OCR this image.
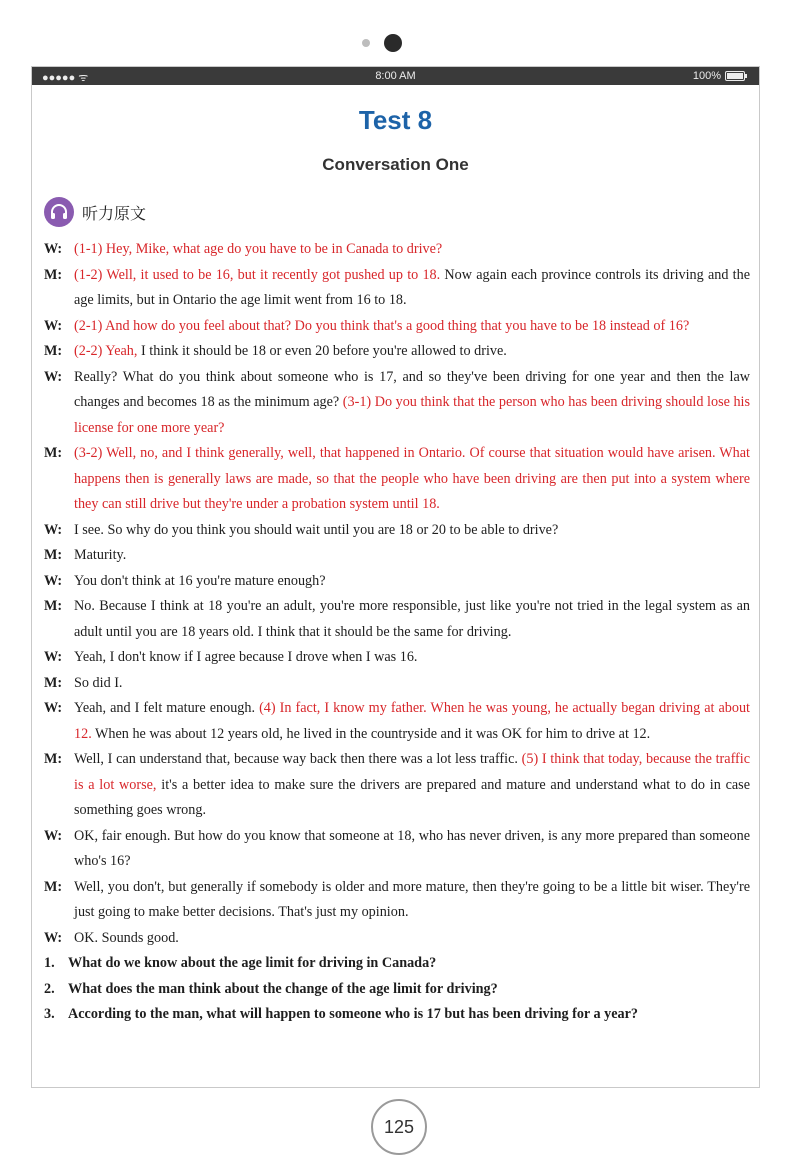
●●●●● ᯤ	8:00 AM	100%
Test 8
Conversation One
听力原文
W: (1-1) Hey, Mike, what age do you have to be in Canada to drive?
M: (1-2) Well, it used to be 16, but it recently got pushed up to 18. Now again each province controls its driving and the age limits, but in Ontario the age limit went from 16 to 18.
W: (2-1) And how do you feel about that? Do you think that's a good thing that you have to be 18 instead of 16?
M: (2-2) Yeah, I think it should be 18 or even 20 before you're allowed to drive.
W: Really? What do you think about someone who is 17, and so they've been driving for one year and then the law changes and becomes 18 as the minimum age? (3-1) Do you think that the person who has been driving should lose his license for one more year?
M: (3-2) Well, no, and I think generally, well, that happened in Ontario. Of course that situation would have arisen. What happens then is generally laws are made, so that the people who have been driving are then put into a system where they can still drive but they're under a probation system until 18.
W: I see. So why do you think you should wait until you are 18 or 20 to be able to drive?
M: Maturity.
W: You don't think at 16 you're mature enough?
M: No. Because I think at 18 you're an adult, you're more responsible, just like you're not tried in the legal system as an adult until you are 18 years old. I think that it should be the same for driving.
W: Yeah, I don't know if I agree because I drove when I was 16.
M: So did I.
W: Yeah, and I felt mature enough. (4) In fact, I know my father. When he was young, he actually began driving at about 12. When he was about 12 years old, he lived in the countryside and it was OK for him to drive at 12.
M: Well, I can understand that, because way back then there was a lot less traffic. (5) I think that today, because the traffic is a lot worse, it's a better idea to make sure the drivers are prepared and mature and understand what to do in case something goes wrong.
W: OK, fair enough. But how do you know that someone at 18, who has never driven, is any more prepared than someone who's 16?
M: Well, you don't, but generally if somebody is older and more mature, then they're going to be a little bit wiser. They're just going to make better decisions. That's just my opinion.
W: OK. Sounds good.
1. What do we know about the age limit for driving in Canada?
2. What does the man think about the change of the age limit for driving?
3. According to the man, what will happen to someone who is 17 but has been driving for a year?
125
